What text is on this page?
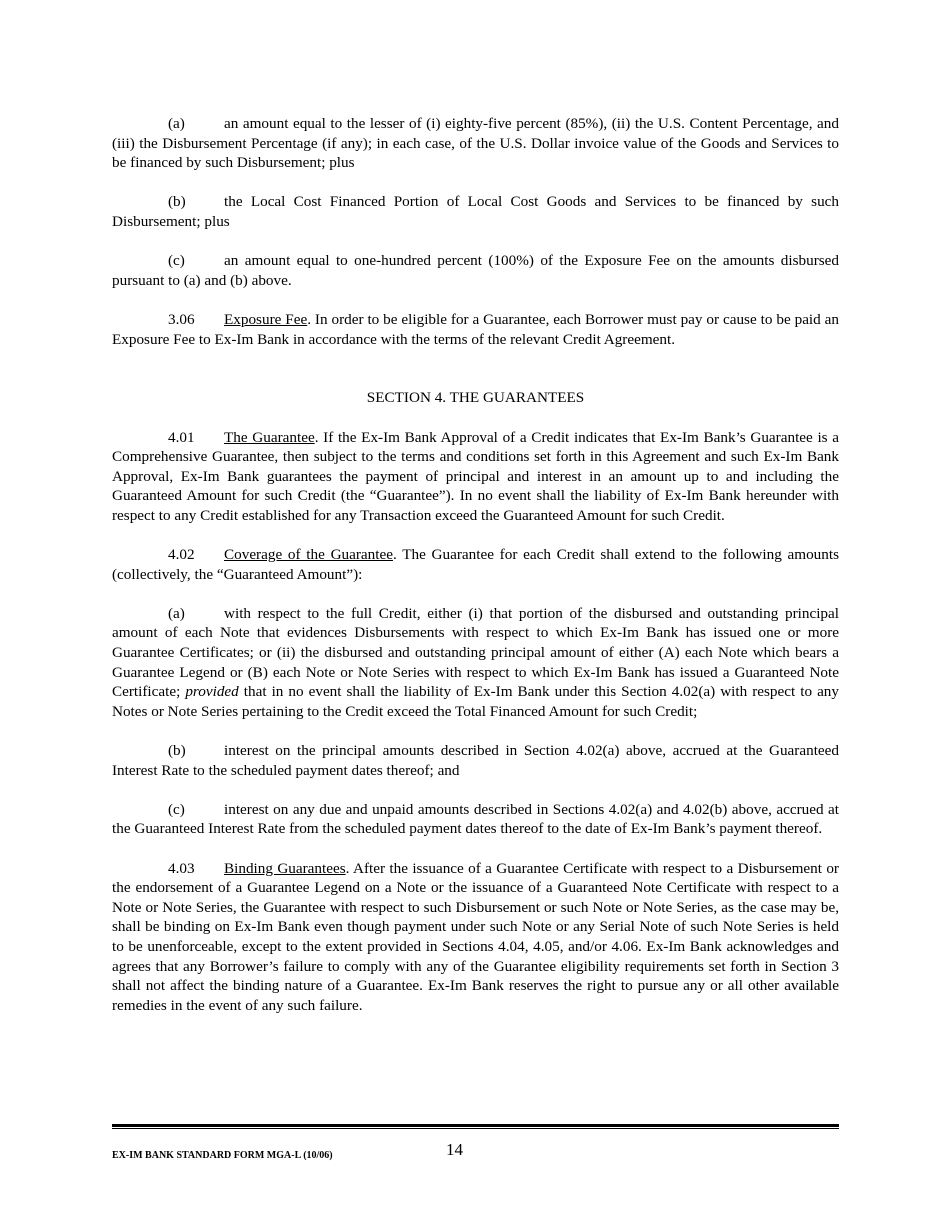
(a)	an amount equal to the lesser of (i) eighty-five percent (85%), (ii) the U.S. Content Percentage, and (iii) the Disbursement Percentage (if any); in each case, of the U.S. Dollar invoice value of the Goods and Services to be financed by such Disbursement; plus

(b)	the Local Cost Financed Portion of Local Cost Goods and Services to be financed by such Disbursement; plus

(c)	an amount equal to one-hundred percent (100%) of the Exposure Fee on the amounts disbursed pursuant to (a) and (b) above.

3.06 Exposure Fee. In order to be eligible for a Guarantee, each Borrower must pay or cause to be paid an Exposure Fee to Ex-Im Bank in accordance with the terms of the relevant Credit Agreement.

SECTION 4. THE GUARANTEES

4.01 The Guarantee. If the Ex-Im Bank Approval of a Credit indicates that Ex-Im Bank’s Guarantee is a Comprehensive Guarantee, then subject to the terms and conditions set forth in this Agreement and such Ex-Im Bank Approval, Ex-Im Bank guarantees the payment of principal and interest in an amount up to and including the Guaranteed Amount for such Credit (the “Guarantee”). In no event shall the liability of Ex-Im Bank hereunder with respect to any Credit established for any Transaction exceed the Guaranteed Amount for such Credit.

4.02 Coverage of the Guarantee. The Guarantee for each Credit shall extend to the following amounts (collectively, the “Guaranteed Amount”):

(a)	with respect to the full Credit, either (i) that portion of the disbursed and outstanding principal amount of each Note that evidences Disbursements with respect to which Ex-Im Bank has issued one or more Guarantee Certificates; or (ii) the disbursed and outstanding principal amount of either (A) each Note which bears a Guarantee Legend or (B) each Note or Note Series with respect to which Ex-Im Bank has issued a Guaranteed Note Certificate; provided that in no event shall the liability of Ex-Im Bank under this Section 4.02(a) with respect to any Notes or Note Series pertaining to the Credit exceed the Total Financed Amount for such Credit;

(b)	interest on the principal amounts described in Section 4.02(a) above, accrued at the Guaranteed Interest Rate to the scheduled payment dates thereof; and

(c)	interest on any due and unpaid amounts described in Sections 4.02(a) and 4.02(b) above, accrued at the Guaranteed Interest Rate from the scheduled payment dates thereof to the date of Ex-Im Bank’s payment thereof.

4.03 Binding Guarantees. After the issuance of a Guarantee Certificate with respect to a Disbursement or the endorsement of a Guarantee Legend on a Note or the issuance of a Guaranteed Note Certificate with respect to a Note or Note Series, the Guarantee with respect to such Disbursement or such Note or Note Series, as the case may be, shall be binding on Ex-Im Bank even though payment under such Note or any Serial Note of such Note Series is held to be unenforceable, except to the extent provided in Sections 4.04, 4.05, and/or 4.06. Ex-Im Bank acknowledges and agrees that any Borrower’s failure to comply with any of the Guarantee eligibility requirements set forth in Section 3 shall not affect the binding nature of a Guarantee. Ex-Im Bank reserves the right to pursue any or all other available remedies in the event of any such failure.

EX-IM BANK STANDARD FORM MGA-L (10/06)	14
